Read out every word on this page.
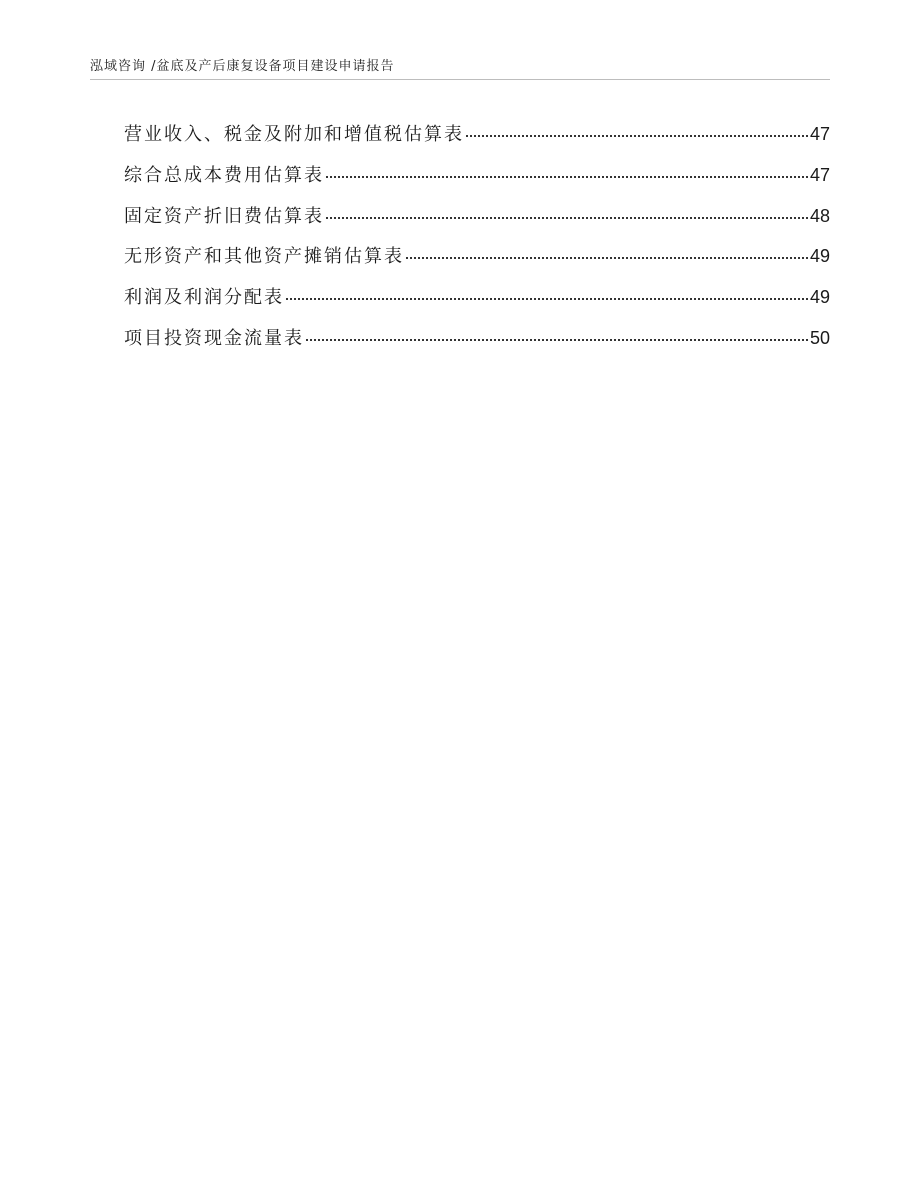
泓域咨询 /盆底及产后康复设备项目建设申请报告
营业收入、税金及附加和增值税估算表	47
综合总成本费用估算表	47
固定资产折旧费估算表	48
无形资产和其他资产摊销估算表	49
利润及利润分配表	49
项目投资现金流量表	50
